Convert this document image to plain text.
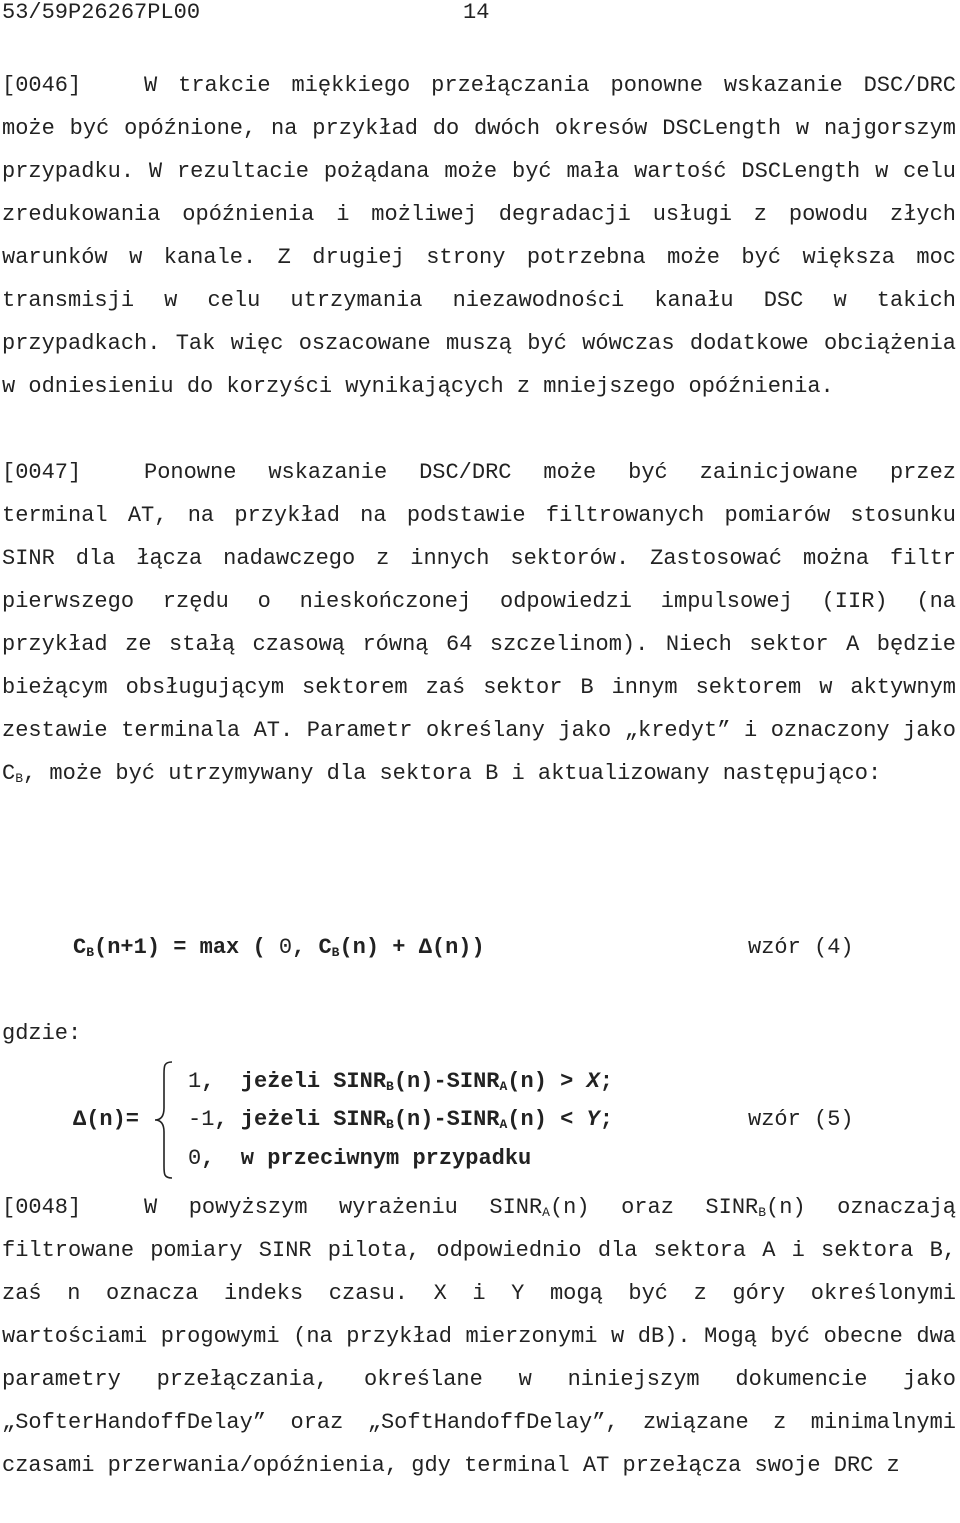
53/59P26267PL00	14

[0046]	W trakcie miękkiego przełączania ponowne wskazanie DSC/DRC może być opóźnione, na przykład do dwóch okresów DSCLength w najgorszym przypadku. W rezultacie pożądana może być mała wartość DSCLength w celu zredukowania opóźnienia i możliwej degradacji usługi z powodu złych warunków w kanale. Z drugiej strony potrzebna może być większa moc transmisji w celu utrzymania niezawodności kanału DSC w takich przypadkach. Tak więc oszacowane muszą być wówczas dodatkowe obciążenia w odniesieniu do korzyści wynikających z mniejszego opóźnienia.

[0047]	Ponowne wskazanie DSC/DRC może być zainicjowane przez terminal AT, na przykład na podstawie filtrowanych pomiarów stosunku SINR dla łącza nadawczego z innych sektorów. Zastosować można filtr pierwszego rzędu o nieskończonej odpowiedzi impulsowej (IIR) (na przykład ze stałą czasową równą 64 szczelinom). Niech sektor A będzie bieżącym obsługującym sektorem zaś sektor B innym sektorem w aktywnym zestawie terminala AT. Parametr określany jako „kredyt” i oznaczony jako $C_B$, może być utrzymywany dla sektora B i aktualizowany następująco:

$C_B(n+1) = \max$ ( 0, $C_B(n) + \Delta(n)$)	wzór (4)
gdzie:
Δ(n)=
1,  jeżeli $SINR_B(n)-SINR_A(n) > X$;
-1, jeżeli $SINR_B(n)-SINR_A(n) < Y$;
0,  w przeciwnym przypadku
wzór (5)

[0048]	W powyższym wyrażeniu $SINR_A(n)$ oraz $SINR_B(n)$ oznaczają filtrowane pomiary SINR pilota, odpowiednio dla sektora A i sektora B, zaś n oznacza indeks czasu. X i Y mogą być z góry określonymi wartościami progowymi (na przykład mierzonymi w dB). Mogą być obecne dwa parametry przełączania, określane w niniejszym dokumencie jako „SofterHandoffDelay” oraz „SoftHandoffDelay”, związane z minimalnymi czasami przerwania/opóźnienia, gdy terminal AT przełącza swoje DRC z
